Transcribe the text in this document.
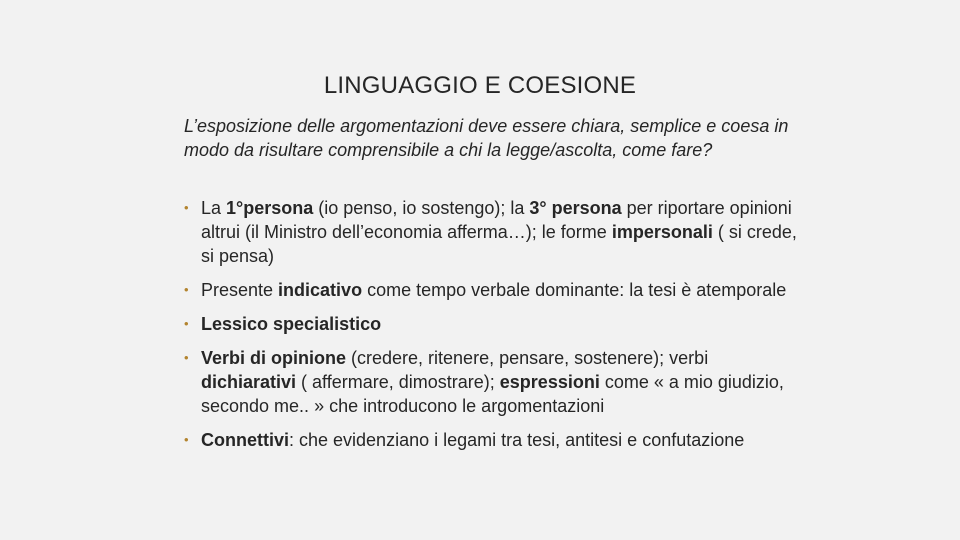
LINGUAGGIO E COESIONE
L’esposizione delle argomentazioni deve essere chiara, semplice e coesa in modo da risultare comprensibile a chi la legge/ascolta, come fare?
• La 1°persona (io penso, io sostengo); la 3° persona per riportare opinioni altrui (il Ministro dell’economia afferma…); le forme impersonali ( si crede, si pensa)
• Presente indicativo come tempo verbale dominante: la tesi è atemporale
• Lessico specialistico
• Verbi di opinione (credere, ritenere, pensare, sostenere); verbi dichiarativi ( affermare, dimostrare); espressioni come « a mio giudizio, secondo me.. » che introducono le argomentazioni
• Connettivi: che evidenziano i legami tra tesi, antitesi e confutazione
